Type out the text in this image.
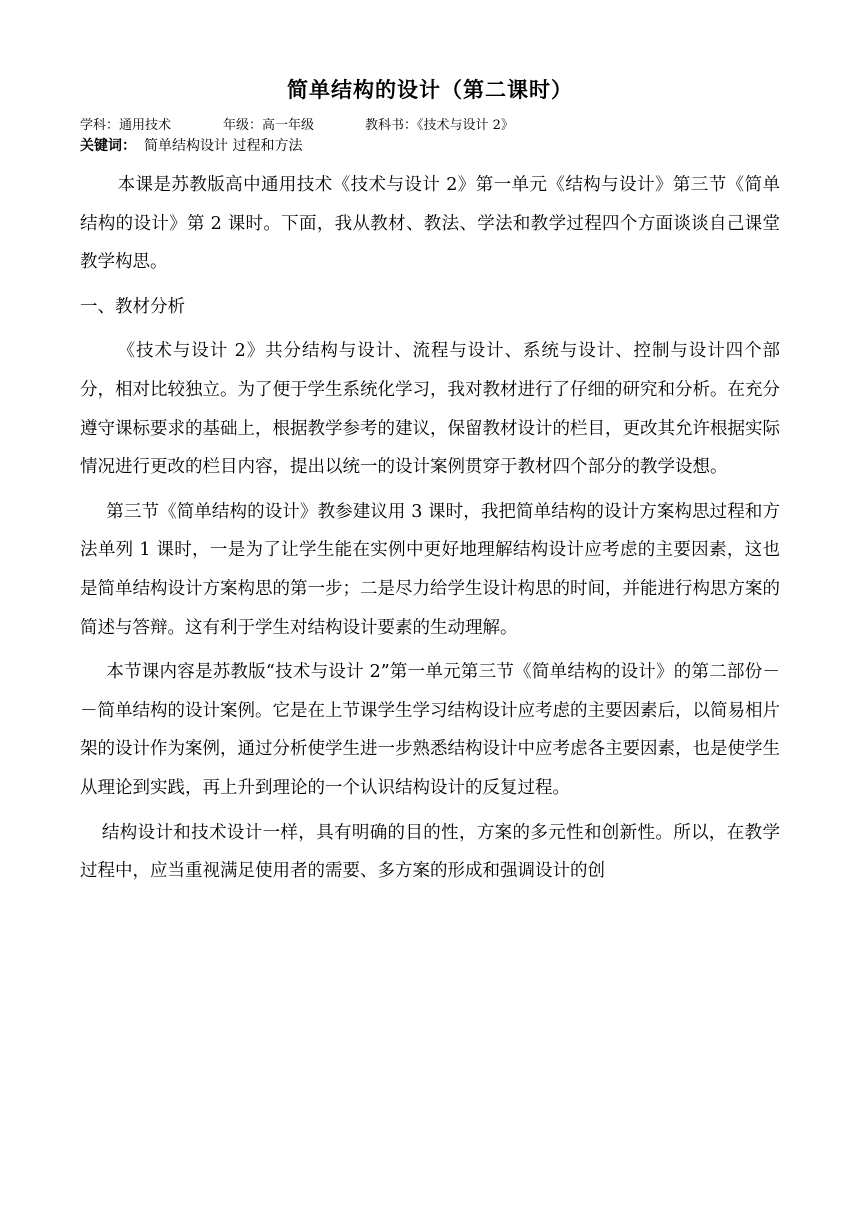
简单结构的设计（第二课时）
学科：通用技术	年级：高一年级	教科书：《技术与设计 2》
关键词： 简单结构设计 过程和方法

本课是苏教版高中通用技术《技术与设计 2》第一单元《结构与设计》第三节《简单结构的设计》第 2 课时。下面，我从教材、教法、学法和教学过程四个方面谈谈自己课堂教学构思。

一、教材分析

《技术与设计 2》共分结构与设计、流程与设计、系统与设计、控制与设计四个部分，相对比较独立。为了便于学生系统化学习，我对教材进行了仔细的研究和分析。在充分遵守课标要求的基础上，根据教学参考的建议，保留教材设计的栏目，更改其允许根据实际情况进行更改的栏目内容，提出以统一的设计案例贯穿于教材四个部分的教学设想。

第三节《简单结构的设计》教参建议用 3 课时，我把简单结构的设计方案构思过程和方法单列 1 课时，一是为了让学生能在实例中更好地理解结构设计应考虑的主要因素，这也是简单结构设计方案构思的第一步；二是尽力给学生设计构思的时间，并能进行构思方案的简述与答辩。这有利于学生对结构设计要素的生动理解。

本节课内容是苏教版“技术与设计 2”第一单元第三节《简单结构的设计》的第二部份－－简单结构的设计案例。它是在上节课学生学习结构设计应考虑的主要因素后，以简易相片架的设计作为案例，通过分析使学生进一步熟悉结构设计中应考虑各主要因素，也是使学生从理论到实践，再上升到理论的一个认识结构设计的反复过程。

结构设计和技术设计一样，具有明确的目的性，方案的多元性和创新性。所以，在教学过程中，应当重视满足使用者的需要、多方案的形成和强调设计的创
